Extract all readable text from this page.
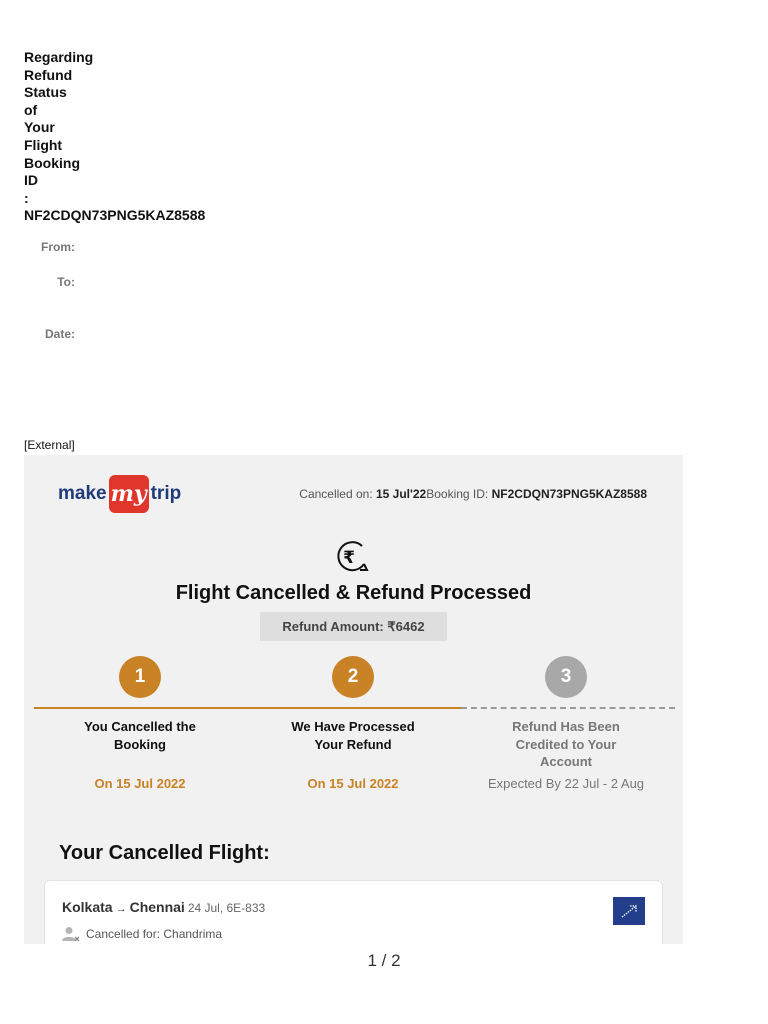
Regarding
Refund
Status
of
Your
Flight
Booking
ID
:
NF2CDQN73PNG5KAZ8588
From:
To:
Date:
[External]
make my trip	Cancelled on: 15 Jul'22Booking ID: NF2CDQN73PNG5KAZ8588
₹
Flight Cancelled & Refund Processed
Refund Amount: ₹6462
1	2	3
You Cancelled the
Booking
We Have Processed
Your Refund
Refund Has Been
Credited to Your
Account
On 15 Jul 2022	On 15 Jul 2022	Expected By 22 Jul - 2 Aug
Your Cancelled Flight:
Kolkata → Chennai 24 Jul, 6E-833
Cancelled for: Chandrima
1 / 2
